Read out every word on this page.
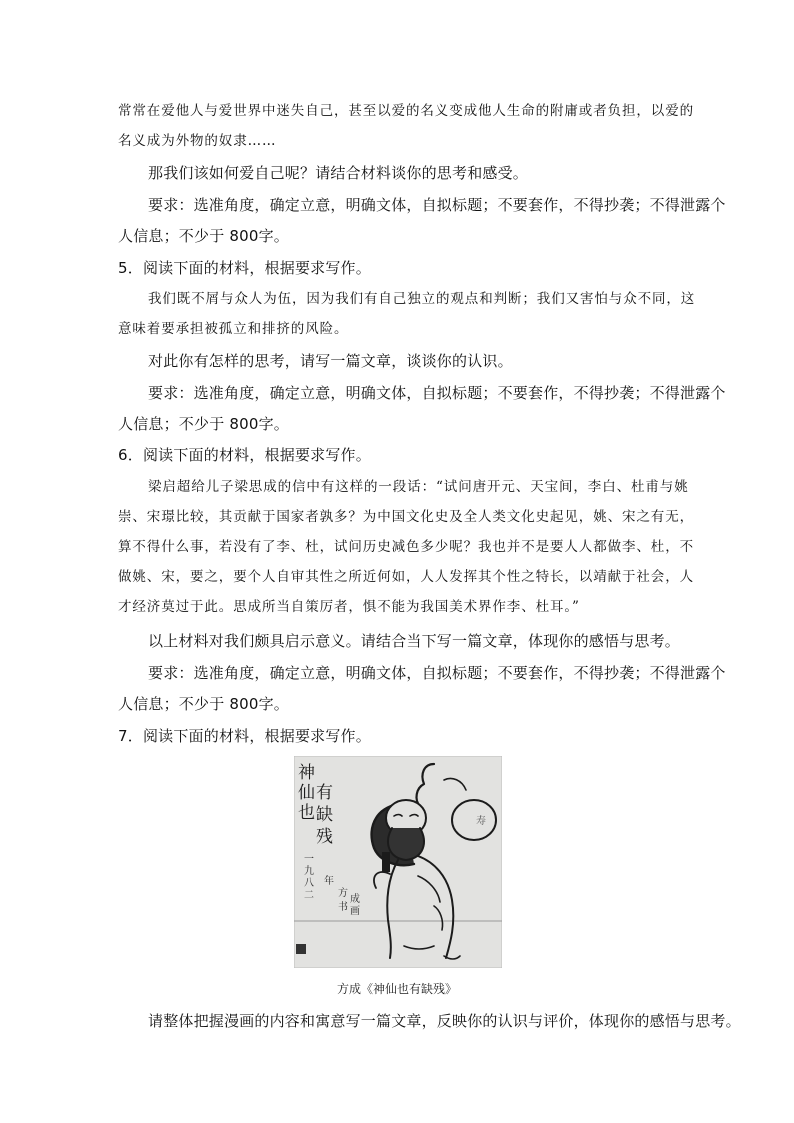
常常在爱他人与爱世界中迷失自己，甚至以爱的名义变成他人生命的附庸或者负担，以爱的
名义成为外物的奴隶……
那我们该如何爱自己呢？请结合材料谈你的思考和感受。
要求：选准角度，确定立意，明确文体，自拟标题；不要套作，不得抄袭；不得泄露个
人信息；不少于 800字。
5．阅读下面的材料，根据要求写作。
我们既不屑与众人为伍，因为我们有自己独立的观点和判断；我们又害怕与众不同，这
意味着要承担被孤立和排挤的风险。
对此你有怎样的思考，请写一篇文章，谈谈你的认识。
要求：选准角度，确定立意，明确文体，自拟标题；不要套作，不得抄袭；不得泄露个
人信息；不少于 800字。
6．阅读下面的材料，根据要求写作。
梁启超给儿子梁思成的信中有这样的一段话：“试问唐开元、天宝间，李白、杜甫与姚
崇、宋璟比较，其贡献于国家者孰多？为中国文化史及全人类文化史起见，姚、宋之有无，
算不得什么事，若没有了李、杜，试问历史减色多少呢？我也并不是要人人都做李、杜，不
做姚、宋，要之，要个人自审其性之所近何如，人人发挥其个性之特长，以靖献于社会，人
才经济莫过于此。思成所当自策厉者，惧不能为我国美术界作李、杜耳。”
以上材料对我们颇具启示意义。请结合当下写一篇文章，体现你的感悟与思考。
要求：选准角度，确定立意，明确文体，自拟标题；不要套作，不得抄袭；不得泄露个
人信息；不少于 800字。
7．阅读下面的材料，根据要求写作。
神
仙
也
有
缺
残
一
九
八
二
年
方
成
书 画
寿
方成《神仙也有缺残》
请整体把握漫画的内容和寓意写一篇文章，反映你的认识与评价，体现你的感悟与思考。
